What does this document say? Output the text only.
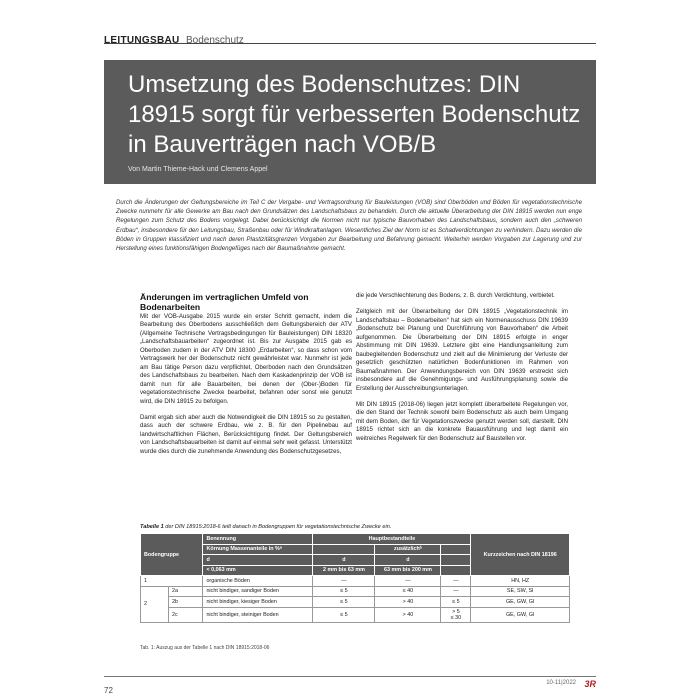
LEITUNGSBAU Bodenschutz
Umsetzung des Bodenschutzes: DIN 18915 sorgt für verbesserten Bodenschutz in Bauverträgen nach VOB/B
Von Martin Thieme-Hack und Clemens Appel
Durch die Änderungen der Geltungsbereiche im Teil C der Vergabe- und Vertragsordnung für Bauleistungen (VOB) sind Oberböden und Böden für vegetationstechnische Zwecke nunmehr für alle Gewerke am Bau nach den Grundsätzen des Landschaftsbaus zu behandeln. Durch die aktuelle Überarbeitung der DIN 18915 werden nun enge Regelungen zum Schutz des Bodens vorgelegt. Dabei berücksichtigt die Normen nicht nur typische Bauvorhaben des Landschaftsbaus, sondern auch den „schweren Erdbau“, insbesondere für den Leitungsbau, Straßenbau oder für Windkraftanlagen. Wesentliches Ziel der Norm ist es Schadverdichtungen zu verhindern. Dazu werden die Böden in Gruppen klassifiziert und nach deren Plastizitätsgrenzen Vorgaben zur Bearbeitung und Befahrung gemacht. Weiterhin werden Vorgaben zur Lagerung und zur Herstellung eines funktionsfähigen Bodengefüges nach der Baumaßnahme gemacht.
Änderungen im vertraglichen Umfeld von Bodenarbeiten

Mit der VOB-Ausgabe 2015 wurde ein erster Schritt gemacht, indem die Bearbeitung des Oberbodens ausschließlich dem Geltungsbereich der ATV (Allgemeine Technische Vertragsbedingungen für Bauleistungen) DIN 18320 „Landschaftsbauarbeiten“ zugeordnet ist. Bis zur Ausgabe 2015 gab es Oberboden zudem in der ATV DIN 18300 „Erdarbeiten“, so dass schon vom Vertragswerk her der Bodenschutz nicht gewährleistet war. Nunmehr ist jede am Bau tätige Person dazu verpflichtet, Oberboden nach den Grundsätzen des Landschaftsbaus zu bearbeiten. Nach dem Kaskadenprinzip der VOB ist damit nun für alle Bauarbeiten, bei denen der (Ober-)Boden für vegetationstechnische Zwecke bearbeitet, befahren oder sonst wie genutzt wird, die DIN 18915 zu befolgen.

Damit ergab sich aber auch die Notwendigkeit die DIN 18915 so zu gestalten, dass auch der schwere Erdbau, wie z. B. für den Pipelinebau auf landwirtschaftlichen Flächen, Berücksichtigung findet. Der Geltungsbereich von Landschaftsbauarbeiten ist damit auf einmal sehr weit gefasst. Unterstützt wurde dies durch die zunehmende Anwendung des Bodenschutzgesetzes,

die jede Verschlechterung des Bodens, z. B. durch Verdichtung, verbietet.

Zeitgleich mit der Überarbeitung der DIN 18915 „Vegetationstechnik im Landschaftsbau – Bodenarbeiten“ hat sich ein Normenausschuss DIN 19639 „Bodenschutz bei Planung und Durchführung von Bauvorhaben“ die Arbeit aufgenommen. Die Überarbeitung der DIN 18915 erfolgte in enger Abstimmung mit DIN 19639. Letztere gibt eine Handlungsanleitung zum baubegleitenden Bodenschutz und zielt auf die Minimierung der Verluste der gesetzlich geschützten natürlichen Bodenfunktionen im Rahmen von Baumaßnahmen. Der Anwendungsbereich von DIN 19639 erstreckt sich insbesondere auf die Genehmigungs- und Ausführungsplanung sowie die Erstellung der Ausschreibungsunterlagen.

Mit DIN 18915 (2018-06) liegen jetzt komplett überarbeitete Regelungen vor, die den Stand der Technik sowohl beim Bodenschutz als auch beim Umgang mit dem Boden, der für Vegetationszwecke genutzt werden soll, darstellt. DIN 18915 richtet sich an die konkrete Bauausführung und legt damit ein weitreiches Regelwerk für den Bodenschutz auf Baustellen vor.

Tabelle 1 der DIN 18915:2018-6 teilt danach in Bodengruppen für vegetationstechnische Zwecke ein.
Bodengruppe		Benennung	Hauptbestandteile			Kurzzeichen nach DIN 18196
		Körnung Massenanteile in %ᵃ		zusätzlichᵇ		
		d	d	d		
		< 0,063 mm	2 mm bis 63 mm	63 mm bis 200 mm		
1		organische Böden	—	—	—	HN, HZ
2	2a	nicht bindiger, sandiger Boden	≤ 5	≤ 40	—	SE, SW, SI
	2b	nicht bindiger, kiesiger Boden	≤ 5	> 40	≤ 5	GE, GW, GI
	2c	nicht bindiger, steiniger Boden	≤ 5	> 40	> 5
≤ 30	GE, GW, GI
Tab. 1: Auszug aus der Tabelle 1 nach DIN 18915:2018-06
72
10-11|2022 3R
